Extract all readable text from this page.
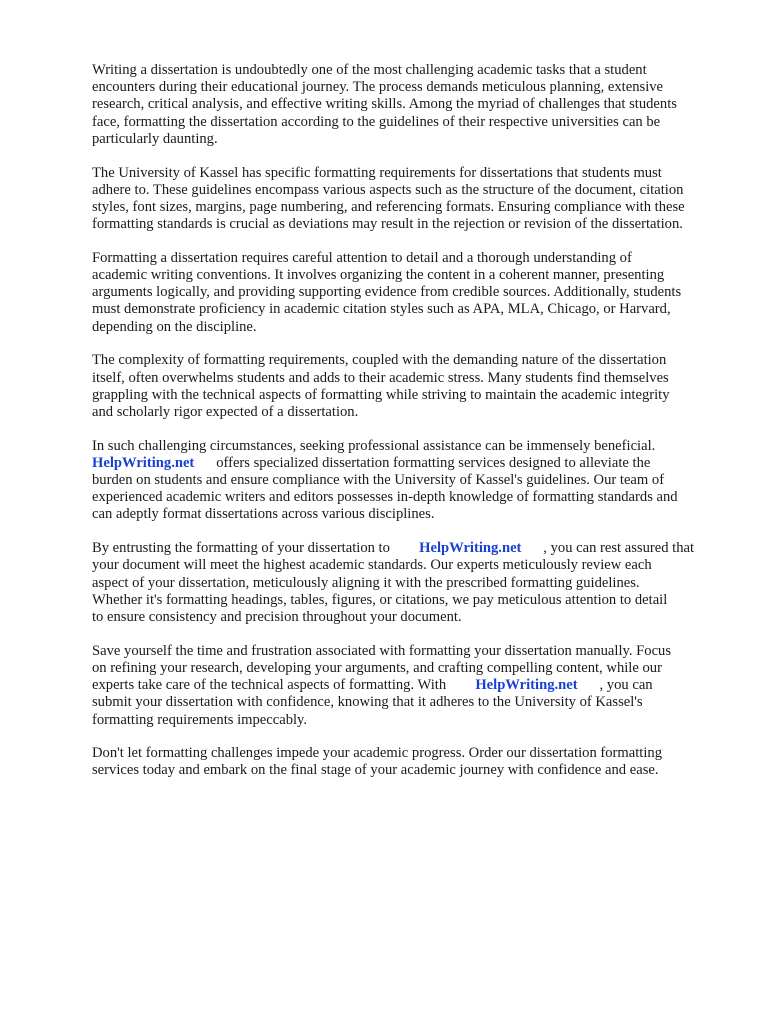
Writing a dissertation is undoubtedly one of the most challenging academic tasks that a student
encounters during their educational journey. The process demands meticulous planning, extensive
research, critical analysis, and effective writing skills. Among the myriad of challenges that students
face, formatting the dissertation according to the guidelines of their respective universities can be
particularly daunting.

The University of Kassel has specific formatting requirements for dissertations that students must
adhere to. These guidelines encompass various aspects such as the structure of the document, citation
styles, font sizes, margins, page numbering, and referencing formats. Ensuring compliance with these
formatting standards is crucial as deviations may result in the rejection or revision of the dissertation.

Formatting a dissertation requires careful attention to detail and a thorough understanding of
academic writing conventions. It involves organizing the content in a coherent manner, presenting
arguments logically, and providing supporting evidence from credible sources. Additionally, students
must demonstrate proficiency in academic citation styles such as APA, MLA, Chicago, or Harvard,
depending on the discipline.

The complexity of formatting requirements, coupled with the demanding nature of the dissertation
itself, often overwhelms students and adds to their academic stress. Many students find themselves
grappling with the technical aspects of formatting while striving to maintain the academic integrity
and scholarly rigor expected of a dissertation.

In such challenging circumstances, seeking professional assistance can be immensely beneficial.
HelpWriting.net offers specialized dissertation formatting services designed to alleviate the
burden on students and ensure compliance with the University of Kassel's guidelines. Our team of
experienced academic writers and editors possesses in-depth knowledge of formatting standards and
can adeptly format dissertations across various disciplines.

By entrusting the formatting of your dissertation to HelpWriting.net , you can rest assured that
your document will meet the highest academic standards. Our experts meticulously review each
aspect of your dissertation, meticulously aligning it with the prescribed formatting guidelines.
Whether it's formatting headings, tables, figures, or citations, we pay meticulous attention to detail
to ensure consistency and precision throughout your document.

Save yourself the time and frustration associated with formatting your dissertation manually. Focus
on refining your research, developing your arguments, and crafting compelling content, while our
experts take care of the technical aspects of formatting. With HelpWriting.net , you can
submit your dissertation with confidence, knowing that it adheres to the University of Kassel's
formatting requirements impeccably.

Don't let formatting challenges impede your academic progress. Order our dissertation formatting
services today and embark on the final stage of your academic journey with confidence and ease.
